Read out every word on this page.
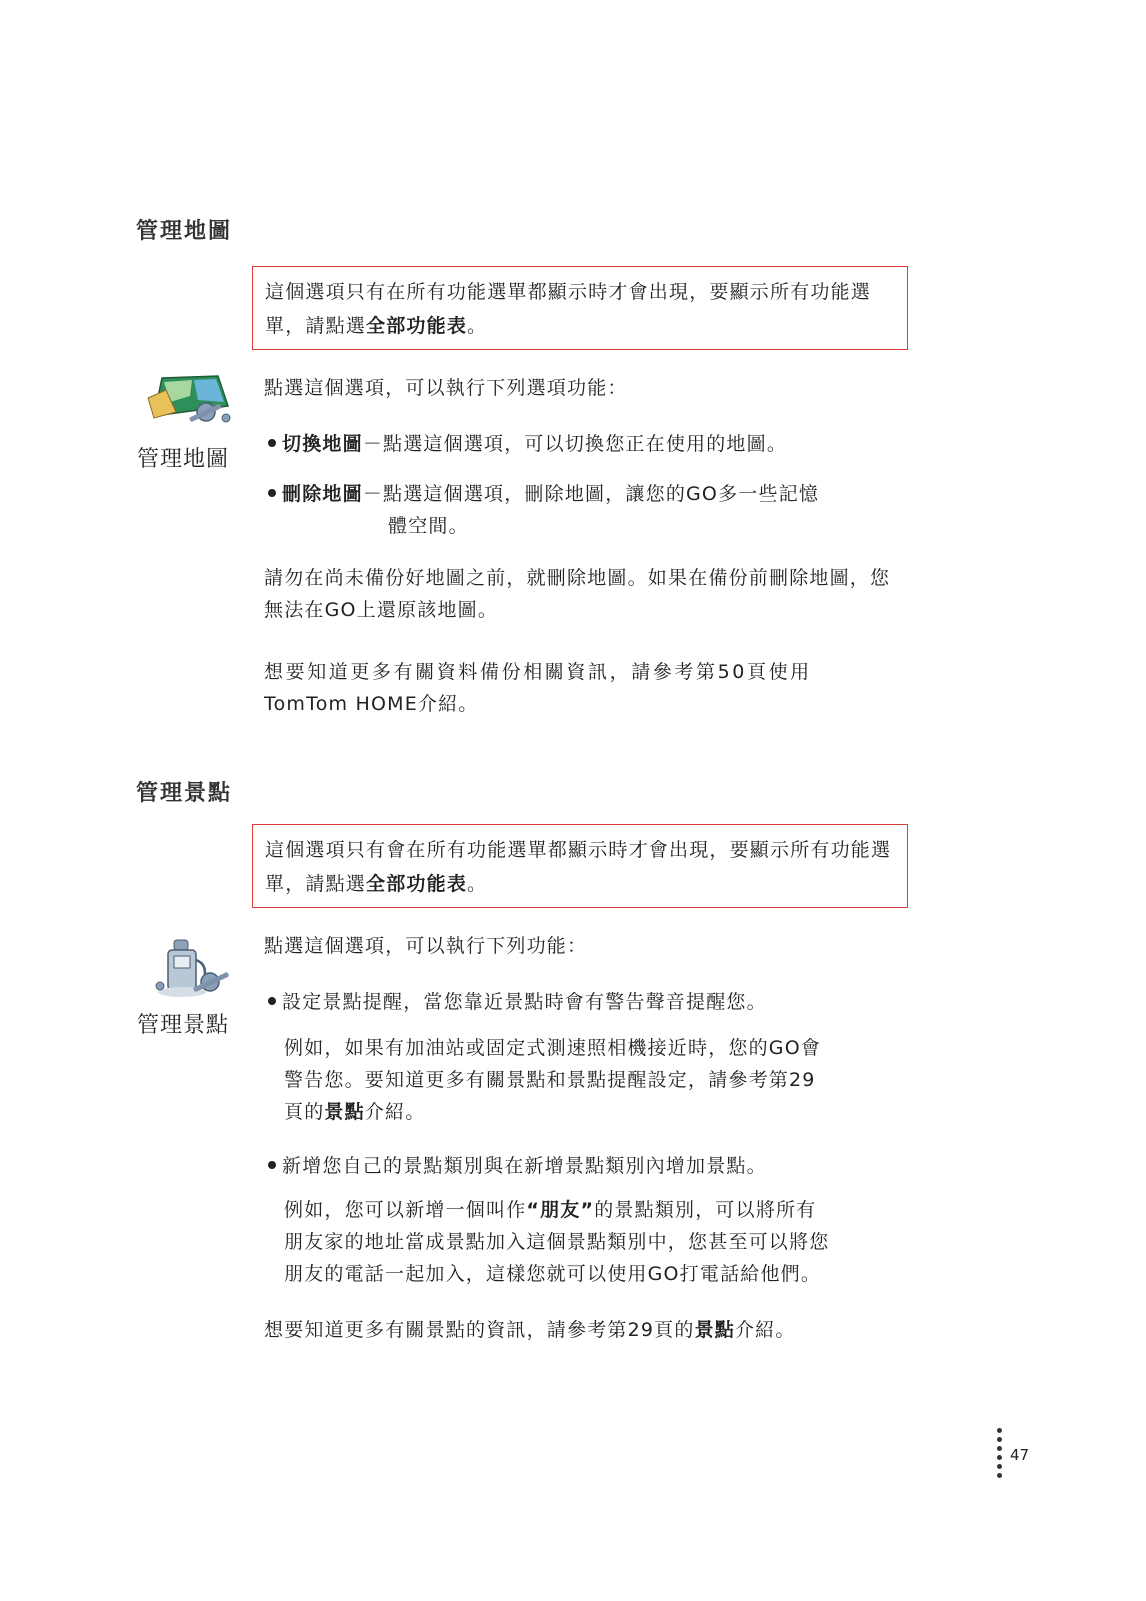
管理地圖
這個選項只有在所有功能選單都顯示時才會出現，要顯示所有功能選單，請點選全部功能表。
管理地圖
點選這個選項，可以執行下列選項功能：
切換地圖－點選這個選項，可以切換您正在使用的地圖。
刪除地圖－點選這個選項，刪除地圖，讓您的GO多一些記憶
體空間。
請勿在尚未備份好地圖之前，就刪除地圖。如果在備份前刪除地圖，您無法在GO上還原該地圖。
想要知道更多有關資料備份相關資訊，請參考第50頁使用
TomTom HOME介紹。
管理景點
這個選項只有會在所有功能選單都顯示時才會出現，要顯示所有功能選單，請點選全部功能表。
管理景點
點選這個選項，可以執行下列功能：
設定景點提醒，當您靠近景點時會有警告聲音提醒您。
例如，如果有加油站或固定式測速照相機接近時，您的GO會
警告您。要知道更多有關景點和景點提醒設定，請參考第29
頁的景點介紹。
新增您自己的景點類別與在新增景點類別內增加景點。
例如，您可以新增一個叫作“朋友”的景點類別，可以將所有
朋友家的地址當成景點加入這個景點類別中，您甚至可以將您
朋友的電話一起加入，這樣您就可以使用GO打電話給他們。
想要知道更多有關景點的資訊，請參考第29頁的景點介紹。
47
